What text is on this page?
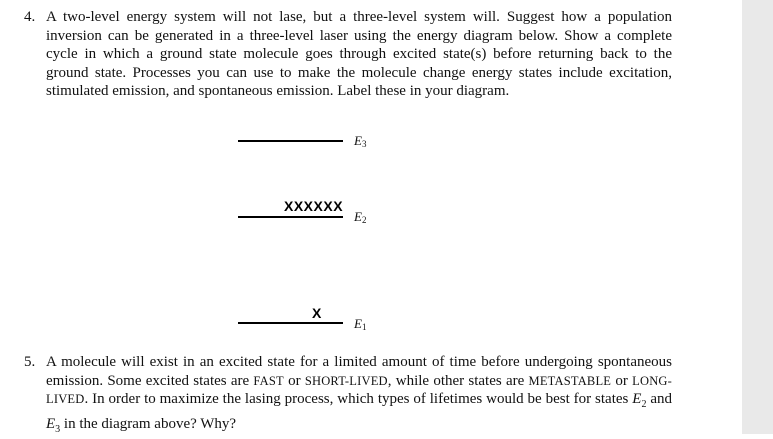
4. A two-level energy system will not lase, but a three-level system will. Suggest how a population inversion can be generated in a three-level laser using the energy diagram below. Show a complete cycle in which a ground state molecule goes through excited state(s) before returning back to the ground state. Processes you can use to make the molecule change energy states include excitation, stimulated emission, and spontaneous emission. Label these in your diagram.
$E_3$
XXXXXX
$E_2$
X
$E_1$
5. A molecule will exist in an excited state for a limited amount of time before undergoing spontaneous emission. Some excited states are FAST or SHORT-LIVED, while other states are METASTABLE or LONG-LIVED. In order to maximize the lasing process, which types of lifetimes would be best for states $E_2$ and $E_3$ in the diagram above? Why?
